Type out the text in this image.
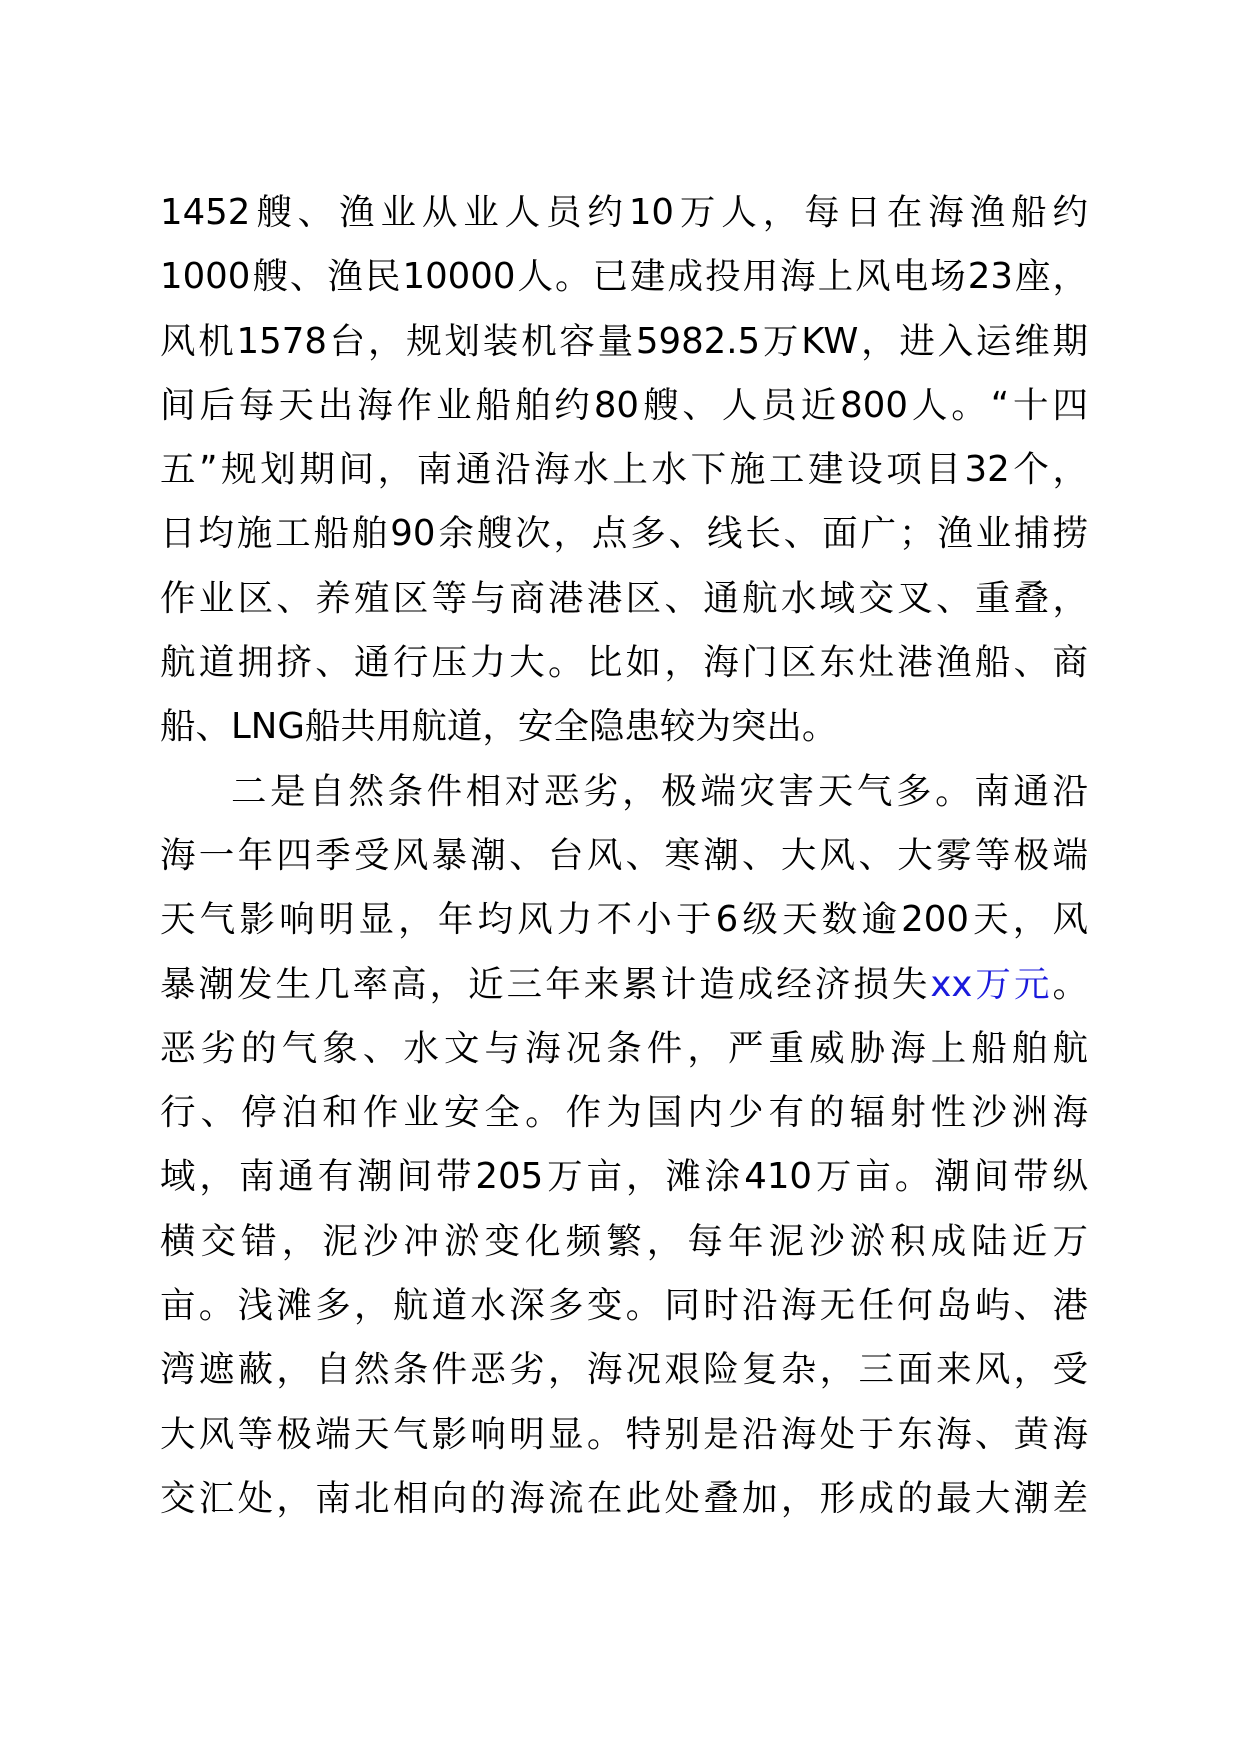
1452艘、渔业从业人员约10万人，每日在海渔船约
1000艘、渔民10000人。已建成投用海上风电场23座，
风机1578台，规划装机容量5982.5万KW，进入运维期
间后每天出海作业船舶约80艘、人员近800人。“十四
五”规划期间，南通沿海水上水下施工建设项目32个，
日均施工船舶90余艘次，点多、线长、面广；渔业捕捞
作业区、养殖区等与商港港区、通航水域交叉、重叠，
航道拥挤、通行压力大。比如，海门区东灶港渔船、商
船、LNG船共用航道，安全隐患较为突出。
二是自然条件相对恶劣，极端灾害天气多。南通沿
海一年四季受风暴潮、台风、寒潮、大风、大雾等极端
天气影响明显，年均风力不小于6级天数逾200天，风
暴潮发生几率高，近三年来累计造成经济损失xx万元。
恶劣的气象、水文与海况条件，严重威胁海上船舶航
行、停泊和作业安全。作为国内少有的辐射性沙洲海
域，南通有潮间带205万亩，滩涂410万亩。潮间带纵
横交错，泥沙冲淤变化频繁，每年泥沙淤积成陆近万
亩。浅滩多，航道水深多变。同时沿海无任何岛屿、港
湾遮蔽，自然条件恶劣，海况艰险复杂，三面来风，受
大风等极端天气影响明显。特别是沿海处于东海、黄海
交汇处，南北相向的海流在此处叠加，形成的最大潮差
